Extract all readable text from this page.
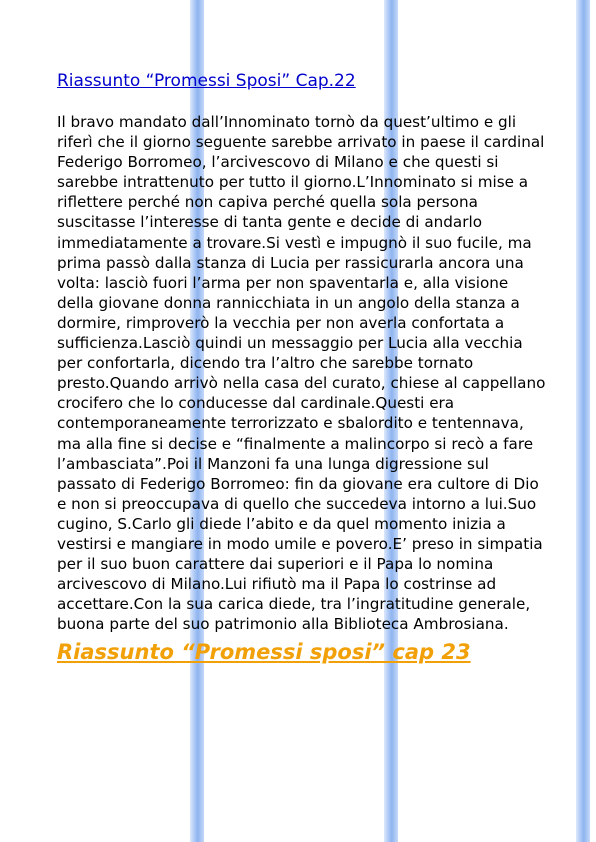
Riassunto “Promessi Sposi” Cap.22

Il bravo mandato dall’Innominato tornò da quest’ultimo e gli riferì che il giorno seguente sarebbe arrivato in paese il cardinal Federigo Borromeo, l’arcivescovo di Milano e che questi si sarebbe intrattenuto per tutto il giorno.L’Innominato si mise a riflettere perché non capiva perché quella sola persona suscitasse l’interesse di tanta gente e decide di andarlo immediatamente a trovare.Si vestì e impugnò il suo fucile, ma prima passò dalla stanza di Lucia per rassicurarla ancora una volta: lasciò fuori l’arma per non spaventarla e, alla visione della giovane donna rannicchiata in un angolo della stanza a dormire, rimproverò la vecchia per non averla confortata a sufficienza.Lasciò quindi un messaggio per Lucia alla vecchia per confortarla, dicendo tra l’altro che sarebbe tornato presto.Quando arrivò nella casa del curato, chiese al cappellano crocifero che lo conducesse dal cardinale.Questi era contemporaneamente terrorizzato e sbalordito e tentennava, ma alla fine si decise e “finalmente a malincorpo si recò a fare l’ambasciata”.Poi il Manzoni fa una lunga digressione sul passato di Federigo Borromeo: fin da giovane era cultore di Dio e non si preoccupava di quello che succedeva intorno a lui.Suo cugino, S.Carlo gli diede l’abito e da quel momento inizia a vestirsi e mangiare in modo umile e povero.E’ preso in simpatia per il suo buon carattere dai superiori e il Papa lo nomina arcivescovo di Milano.Lui rifiutò ma il Papa lo costrinse ad accettare.Con la sua carica diede, tra l’ingratitudine generale, buona parte del suo patrimonio alla Biblioteca Ambrosiana.

Riassunto “Promessi sposi” cap 23
